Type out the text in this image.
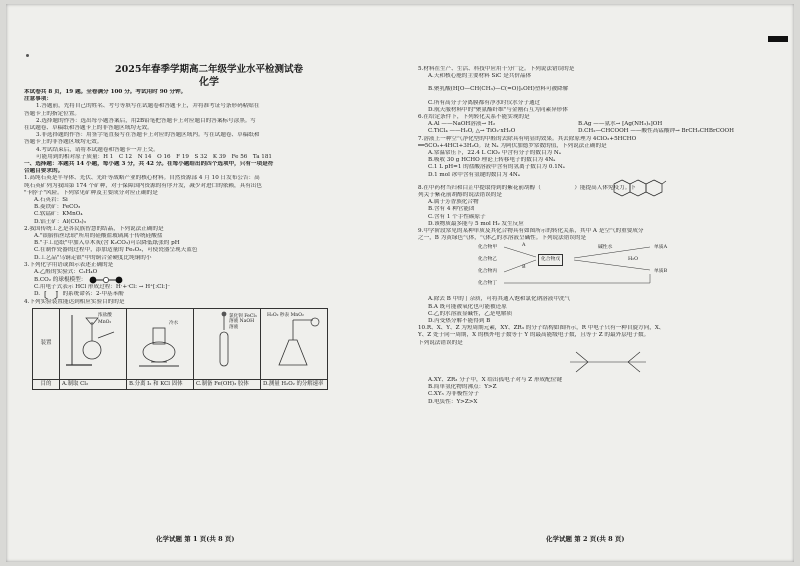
2025年春季学期高二年级学业水平检测试卷
化学

本试卷共 8 页，19 题。全卷满分 100 分。考试用时 90 分钟。

注意事项：

1.答题前，先将自己的姓名、考号等填写在试题卷和答题卡上，并将准考证号条形码粘贴在

答题卡上的指定位置。

2.选择题的作答：选出每小题答案后，用2B铅笔把答题卡上对应题目的答案标号涂黑。写

在试题卷、草稿纸和答题卡上的非答题区域均无效。

3.非选择题的作答：用签字笔直接写在答题卡上对应的答题区域内。写在试题卷、草稿纸和

答题卡上的非答题区域均无效。

4.考试结束后，请将本试题卷和答题卡一并上交。

可能用到的相对原子质量：H 1　C 12　N 14　O 16　F 19　S 32　K 39　Fe 56　Ta 181

一、选择题：本题共 14 小题，每小题 3 分，共 42 分。在每小题给出的四个选项中，只有一项是符

合题目要求的。

1.高纯石英是半导体、光伏、光纤等战略产业的核心材料。自然资源部 4 月 10 日发布公告：高

纯石英矿列为我国第 174 个矿种，对于保障国内资源的有序开发，减少对进口的依赖，具有出色

"卡脖子"风险。下列常见矿种及主要成分对应正确的是

A.石英岩：Si

B.菱铁矿：FeCO₃

C.软锰矿：KMnO₄

D.铝土矿：Al(CO₃)₃

2.我国传统工艺是各民族智慧的结晶，下列说法正确的是

A."银胎掐丝珐琅"所用的硅酸盐玻璃属于传统硅酸盐

B."手工造纸"中加入草木灰(含 K₂CO₃)可以降低纸张的 pH

C.在制作瓷器的过程中，添加适量的 Fe₂O₃，可使瓷器呈现天蓝色

D.工艺品"乌铜走银"中的铜合金硬度比纯铜的小

3.下列化学用语或图示表述正确的是

A.乙醛的实验式：C₂H₄O

B.CO₂ 的球棍模型：

C.用电子式表示 HCl 形成过程：H·+·Cl: → H⁺[:Cl:]⁻

D.　　　　的系统命名：2-甲基苯酚

4.下列实验装置能达到相应实验目的的是

装置	浓盐酸 MnO₂	冷水	氯化钡 FeCl₃ 溶液 NaOH 溶液	H₂O₂ 秒表 MnO₂

目的	A.制取 Cl₂	B.分离 I₂ 和 KCl 固体	C.制备 Fe(OH)₃ 胶体	D.测量 H₂O₂ 的分解速率
化学试题 第 1 页(共 8 页)

5.材料在生产、生活、科技中应用十分广泛。下列说法错误的是

A.天和核心舱的主要材料 SiC 是共价晶体

B.聚乳酸(H[O—CH(CH₃)—C(=O)]ₙOH)塑料可被降解

C.所有高分子分离膜都有净水时仅水分子通过

D.航天服材料中的"聚氨酯纤维"与金刚石互为同素异形体

6.在给定条件下，下列转化关系不能实现的是

A.Al ——NaOH溶液→ H₂	B.Ag ——氨水→ [Ag(NH₃)₂]OH
C.TiCl₄ ——H₂O, △→ TiO₂·xH₂O	D.CH₂—CHCOOH ——酸性高锰酸钾→ BrCH₂CHBrCOOH

7.溶液上一种空气净化型的甲醛的去除具有明显的效果。其去除原理为 4ClO₂+5HCHO

══5CO₂+4HCl+3H₂O。设 Nₐ 为阿伏加德罗常数的值，下列说法正确的是

A.常温常压下，22.4 L ClO₂ 中含有分子的数目为 Nₐ

B.吸收 30 g HCHO 理论上转移电子的数目为 4Nₐ

C.1 L pH=1 的盐酸溶液中含有的氢离子数目为 0.1Nₐ

D.1 mol 冰中含有氢键的数目为 4Nₐ

8.在中药材当归和白芷中提取得到的紫花前胡醇（　　　　　　）能提高人体免疫力。下

列关于紫花前胡醇的说法错误的是

A.属于芳香族化合物

B.含有 4 种官能团

C.含有 1 个手性碳原子

D.该物质最多能与 5 mol H₂ 发生反应

9.中学阶段常见的某种单质及其化合物具有如图所示的转化关系，其中 A 是空气的重要成分

之一，B 为黄绿色气体，气体乙的水溶液呈碱性。下列说法错误的是

化合物甲
化合物乙
化合物丙
化合物丁
化合物戊
A
B
碱性水
H₂O
单质A
单质B

A.除去 B 中的丁杂质，可将其通入饱和氯化钠溶液中洗气

B.A 既可能被氧化也可能被还原

C.乙的水溶液显碱性，乙是电解质

D.丙受热分解不能得到 B

10.R、X、Y、Z 为短周期元素，XY、ZR₃ 的分子结构如图所示，R 中电子只有一种自旋方向，X、

Y、Z 处于同一周期，X 的核外电子数等于 Y 的最高能级电子数，且等于 Z 的最外层电子数。

下列说法错误的是

A.XY、ZR₃ 分子中，X 给出孤电子对与 Z 形成配位键

B.简单氢化物的沸点：Y>Z

C.XY₃ 为非极性分子

D.电负性：Y>Z>X

化学试题 第 2 页(共 8 页)
